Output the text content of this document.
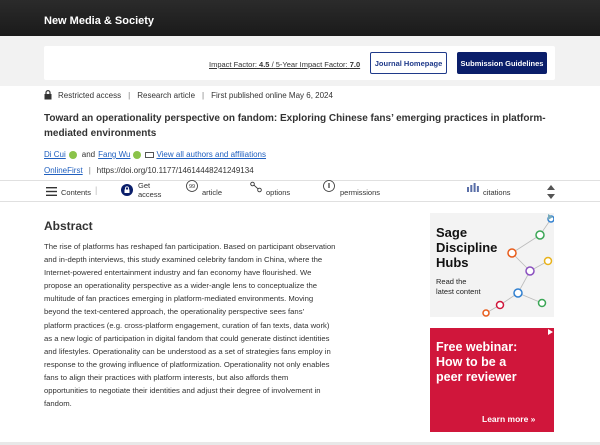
New Media & Society
Impact Factor: 4.5 / 5-Year Impact Factor: 7.0	Journal Homepage	Submission Guidelines
Restricted access | Research article | First published online May 6, 2024
Toward an operationality perspective on fandom: Exploring Chinese fans’ emerging practices in platform-mediated environments
Di Cui and Fang Wu	View all authors and affiliations
OnlineFirst | https://doi.org/10.1177/14614448241249134
Contents |	Get access
99
article	options	permissions	citations
Abstract
The rise of platforms has reshaped fan participation. Based on participant observation
and in-depth interviews, this study examined celebrity fandom in China, where the
Internet-powered entertainment industry and fan economy have flourished. We
propose an operationality perspective as a wider-angle lens to conceptualize the
multitude of fan practices emerging in platform-mediated environments. Moving
beyond the text-centered approach, the operationality perspective sees fans’
platform practices (e.g. cross-platform engagement, curation of fan texts, data work)
as a new logic of participation in digital fandom that could generate distinct identities
and lifestyles. Operationality can be understood as a set of strategies fans employ in
response to the growing influence of platformization. Operationality not only enables
fans to align their practices with platform interests, but also affords them
opportunities to negotiate their identities and adjust their degree of involvement in
fandom.
Sage
Discipline
Hubs
Read the
latest content
Free webinar:
How to be a
peer reviewer
Learn more »
